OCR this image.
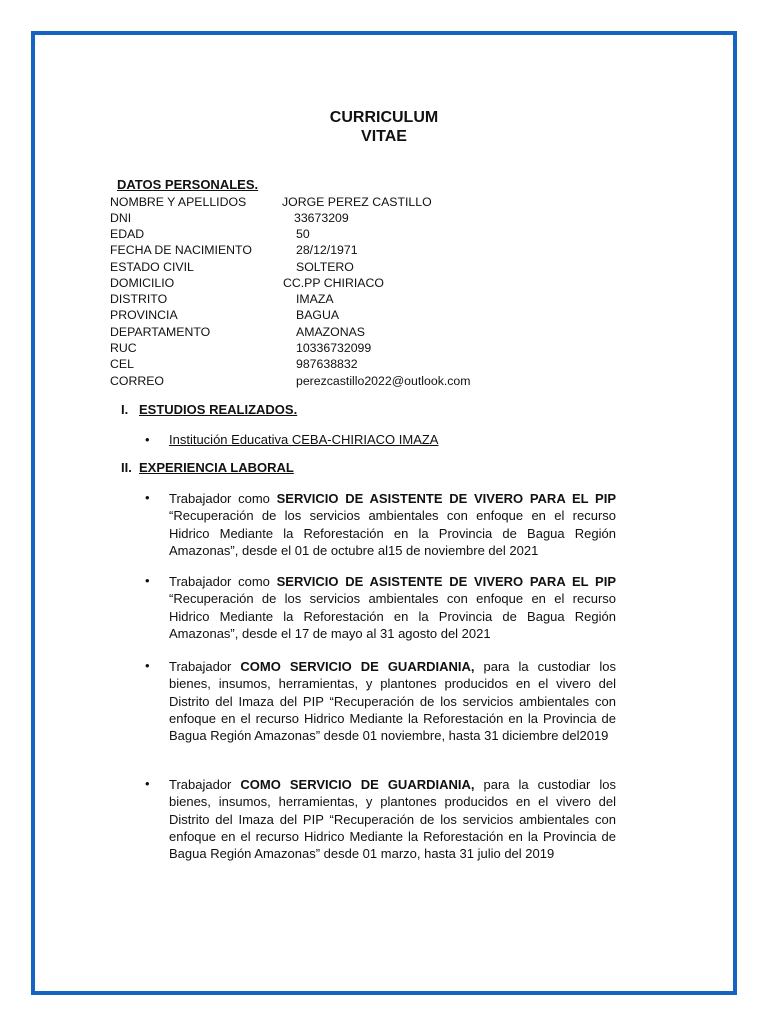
CURRICULUM
VITAE
DATOS PERSONALES.
NOMBRE Y APELLIDOS	JORGE PEREZ CASTILLO
DNI	33673209
EDAD	50
FECHA DE NACIMIENTO	28/12/1971
ESTADO CIVIL	SOLTERO
DOMICILIO	CC.PP CHIRIACO
DISTRITO	IMAZA
PROVINCIA	BAGUA
DEPARTAMENTO	AMAZONAS
RUC	10336732099
CEL	987638832
CORREO	perezcastillo2022@outlook.com
I. ESTUDIOS REALIZADOS.
• Institución Educativa CEBA-CHIRIACO IMAZA
II. EXPERIENCIA LABORAL
• Trabajador como SERVICIO DE ASISTENTE DE VIVERO PARA EL PIP “Recuperación de los servicios ambientales con enfoque en el recurso Hidrico Mediante la Reforestación en la Provincia de Bagua Región Amazonas”, desde el 01 de octubre al15 de noviembre del 2021
• Trabajador como SERVICIO DE ASISTENTE DE VIVERO PARA EL PIP “Recuperación de los servicios ambientales con enfoque en el recurso Hidrico Mediante la Reforestación en la Provincia de Bagua Región Amazonas”, desde el 17 de mayo al 31 agosto del 2021
• Trabajador COMO SERVICIO DE GUARDIANIA, para la custodiar los bienes, insumos, herramientas, y plantones producidos en el vivero del Distrito del Imaza del PIP “Recuperación de los servicios ambientales con enfoque en el recurso Hidrico Mediante la Reforestación en la Provincia de Bagua Región Amazonas” desde 01 noviembre, hasta 31 diciembre del2019
• Trabajador COMO SERVICIO DE GUARDIANIA, para la custodiar los bienes, insumos, herramientas, y plantones producidos en el vivero del Distrito del Imaza del PIP “Recuperación de los servicios ambientales con enfoque en el recurso Hidrico Mediante la Reforestación en la Provincia de Bagua Región Amazonas” desde 01 marzo, hasta 31 julio del 2019
